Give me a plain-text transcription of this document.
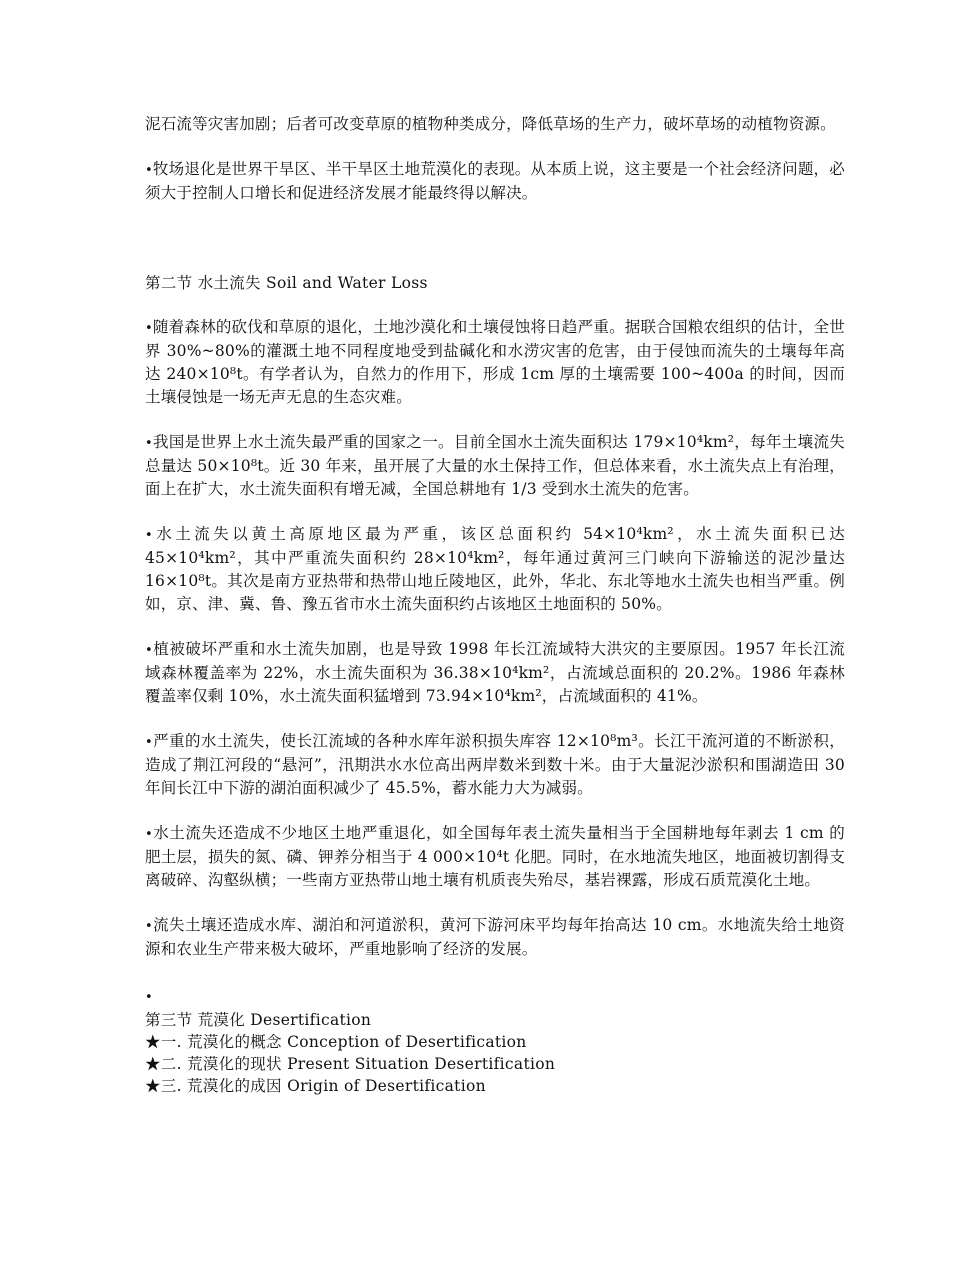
泥石流等灾害加剧；后者可改变草原的植物种类成分，降低草场的生产力，破坏草场的动植物资源。

•牧场退化是世界干旱区、半干旱区土地荒漠化的表现。从本质上说，这主要是一个社会经济问题，必须大于控制人口增长和促进经济发展才能最终得以解决。

第二节 水土流失 Soil and Water Loss

•随着森林的砍伐和草原的退化，土地沙漠化和土壤侵蚀将日趋严重。据联合国粮农组织的估计，全世界 30%~80%的灌溉土地不同程度地受到盐碱化和水涝灾害的危害，由于侵蚀而流失的土壤每年高达 240×10⁸t。有学者认为，自然力的作用下，形成 1cm 厚的土壤需要 100~400a 的时间，因而土壤侵蚀是一场无声无息的生态灾难。

•我国是世界上水土流失最严重的国家之一。目前全国水土流失面积达 179×10⁴km²，每年土壤流失总量达 50×10⁸t。近 30 年来，虽开展了大量的水土保持工作，但总体来看，水土流失点上有治理，面上在扩大，水土流失面积有增无减，全国总耕地有 1/3 受到水土流失的危害。

•水土流失以黄土高原地区最为严重，该区总面积约 54×10⁴km²，水土流失面积已达 45×10⁴km²，其中严重流失面积约 28×10⁴km²，每年通过黄河三门峡向下游输送的泥沙量达 16×10⁸t。其次是南方亚热带和热带山地丘陵地区，此外，华北、东北等地水土流失也相当严重。例如，京、津、冀、鲁、豫五省市水土流失面积约占该地区土地面积的 50%。

•植被破坏严重和水土流失加剧，也是导致 1998 年长江流域特大洪灾的主要原因。1957 年长江流域森林覆盖率为 22%，水土流失面积为 36.38×10⁴km²，占流域总面积的 20.2%。1986 年森林覆盖率仅剩 10%，水土流失面积猛增到 73.94×10⁴km²，占流域面积的 41%。

•严重的水土流失，使长江流域的各种水库年淤积损失库容 12×10⁸m³。长江干流河道的不断淤积，造成了荆江河段的“悬河”，汛期洪水水位高出两岸数米到数十米。由于大量泥沙淤积和围湖造田 30 年间长江中下游的湖泊面积减少了 45.5%，蓄水能力大为减弱。

•水土流失还造成不少地区土地严重退化，如全国每年表土流失量相当于全国耕地每年剥去 1 cm 的肥土层，损失的氮、磷、钾养分相当于 4 000×10⁴t 化肥。同时，在水地流失地区，地面被切割得支离破碎、沟壑纵横；一些南方亚热带山地土壤有机质丧失殆尽，基岩裸露，形成石质荒漠化土地。

•流失土壤还造成水库、湖泊和河道淤积，黄河下游河床平均每年抬高达 10 cm。水地流失给土地资源和农业生产带来极大破坏，严重地影响了经济的发展。

•

第三节 荒漠化 Desertification

★一. 荒漠化的概念 Conception of Desertification

★二. 荒漠化的现状 Present Situation Desertification

★三. 荒漠化的成因 Origin of Desertification
